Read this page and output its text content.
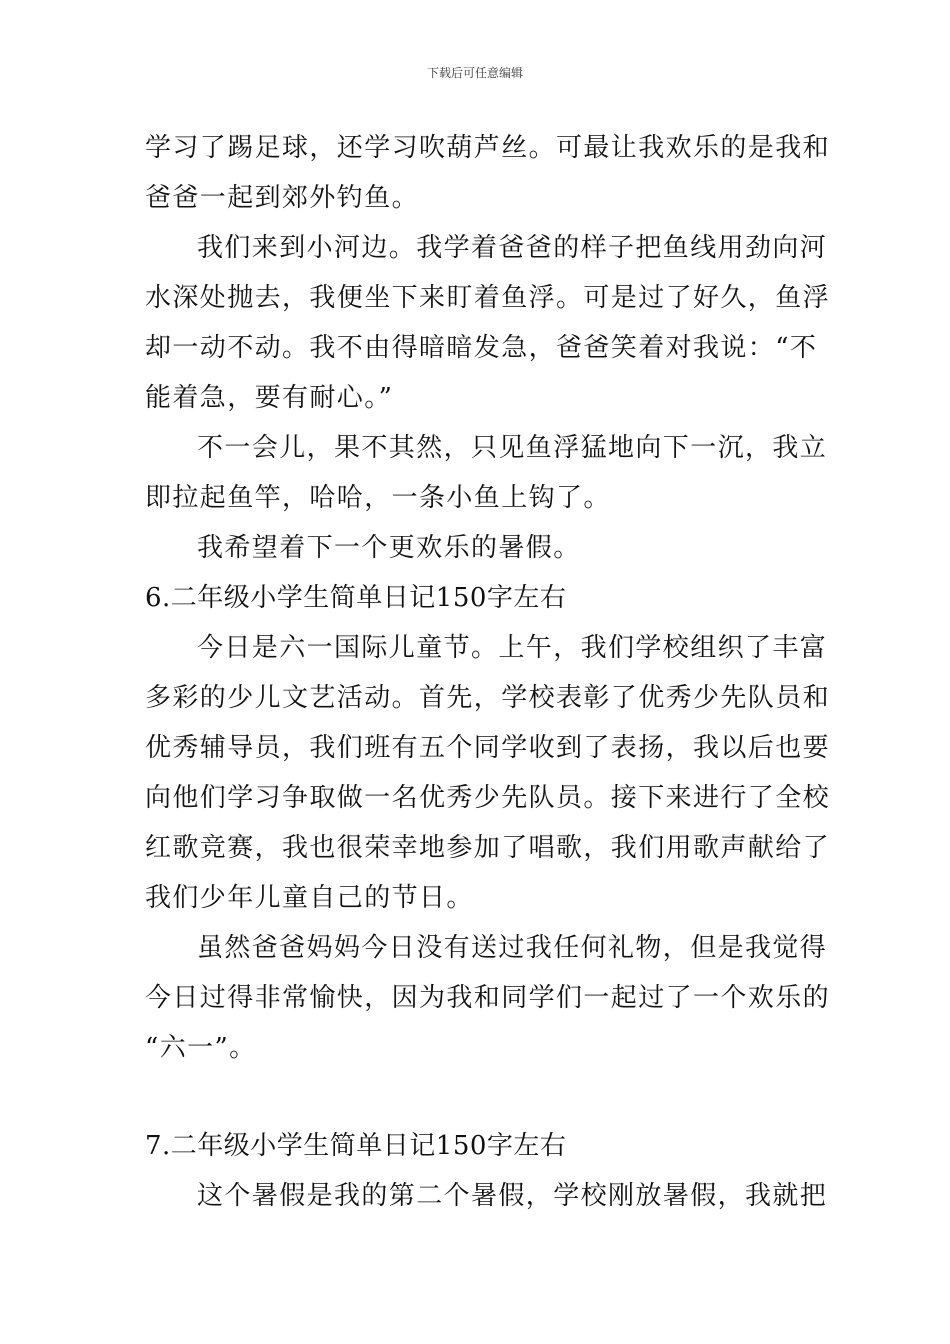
下载后可任意编辑
学习了踢足球，还学习吹葫芦丝。可最让我欢乐的是我和
爸爸一起到郊外钓鱼。
我们来到小河边。我学着爸爸的样子把鱼线用劲向河
水深处抛去，我便坐下来盯着鱼浮。可是过了好久，鱼浮
却一动不动。我不由得暗暗发急，爸爸笑着对我说：“不
能着急，要有耐心。”
不一会儿，果不其然，只见鱼浮猛地向下一沉，我立
即拉起鱼竿，哈哈，一条小鱼上钩了。
我希望着下一个更欢乐的暑假。
6.二年级小学生简单日记150字左右
今日是六一国际儿童节。上午，我们学校组织了丰富
多彩的少儿文艺活动。首先，学校表彰了优秀少先队员和
优秀辅导员，我们班有五个同学收到了表扬，我以后也要
向他们学习争取做一名优秀少先队员。接下来进行了全校
红歌竞赛，我也很荣幸地参加了唱歌，我们用歌声献给了
我们少年儿童自己的节日。
虽然爸爸妈妈今日没有送过我任何礼物，但是我觉得
今日过得非常愉快，因为我和同学们一起过了一个欢乐的
“六一”。
7.二年级小学生简单日记150字左右
这个暑假是我的第二个暑假，学校刚放暑假，我就把
